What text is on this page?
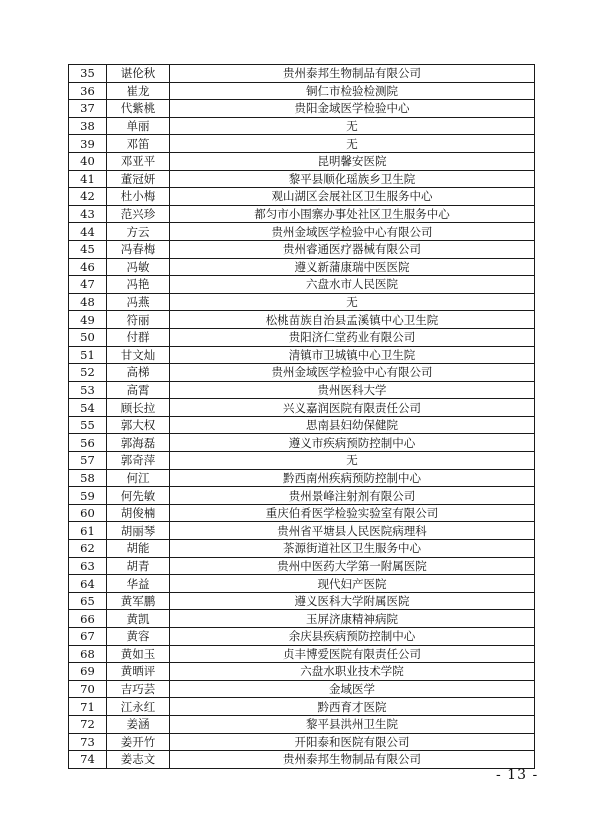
35	谌伦秋	贵州泰邦生物制品有限公司
36	崔龙	铜仁市检验检测院
37	代紫桃	贵阳金域医学检验中心
38	单丽	无
39	邓笛	无
40	邓亚平	昆明馨安医院
41	董冠妍	黎平县顺化瑶族乡卫生院
42	杜小梅	观山湖区会展社区卫生服务中心
43	范兴珍	都匀市小围寨办事处社区卫生服务中心
44	方云	贵州金域医学检验中心有限公司
45	冯春梅	贵州睿通医疗器械有限公司
46	冯敏	遵义新蒲康瑞中医医院
47	冯艳	六盘水市人民医院
48	冯燕	无
49	符丽	松桃苗族自治县孟溪镇中心卫生院
50	付群	贵阳济仁堂药业有限公司
51	甘文灿	清镇市卫城镇中心卫生院
52	高梯	贵州金域医学检验中心有限公司
53	高霄	贵州医科大学
54	顾长拉	兴义嘉润医院有限责任公司
55	郭大权	思南县妇幼保健院
56	郭海磊	遵义市疾病预防控制中心
57	郭奇萍	无
58	何江	黔西南州疾病预防控制中心
59	何先敏	贵州景峰注射剂有限公司
60	胡俊楠	重庆伯肴医学检验实验室有限公司
61	胡丽琴	贵州省平塘县人民医院病理科
62	胡能	茶源街道社区卫生服务中心
63	胡青	贵州中医药大学第一附属医院
64	华益	现代妇产医院
65	黄军鹏	遵义医科大学附属医院
66	黄凯	玉屏济康精神病院
67	黄容	余庆县疾病预防控制中心
68	黄如玉	贞丰博爱医院有限责任公司
69	黄晒评	六盘水职业技术学院
70	吉巧芸	金域医学
71	江永红	黔西育才医院
72	姜涵	黎平县洪州卫生院
73	姜开竹	开阳泰和医院有限公司
74	姜志文	贵州泰邦生物制品有限公司
- 13 -
